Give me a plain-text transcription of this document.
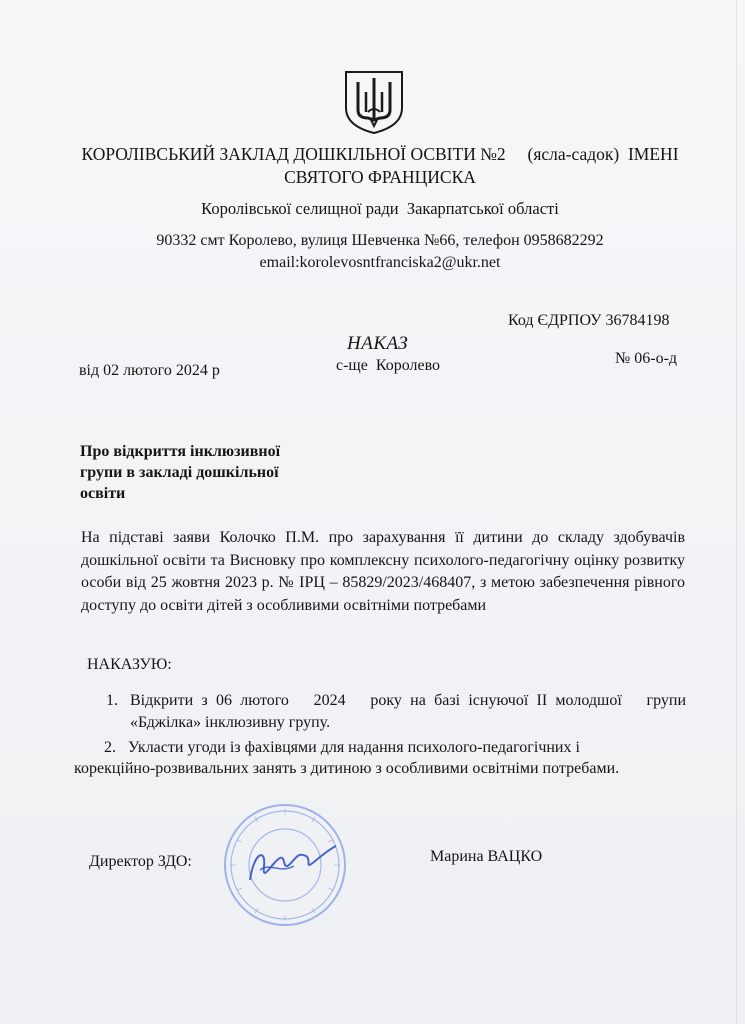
КОРОЛІВСЬКИЙ ЗАКЛАД ДОШКІЛЬНОЇ ОСВІТИ №2     (ясла-садок)  ІМЕНІ
СВЯТОГО ФРАНЦИСКА
Королівської селищної ради  Закарпатської області
90332 смт Королево, вулиця Шевченка №66, телефон 0958682292
email:korolevosntfranciska2@ukr.net
Код ЄДРПОУ 36784198
НАКАЗ
від 02 лютого 2024 р	с-ще  Королево	№ 06-о-д
Про відкриття інклюзивної групи в закладі дошкільної освіти
На підставі заяви Колочко П.М. про зарахування її дитини до складу здобувачів дошкільної освіти та Висновку про комплексну психолого-педагогічну оцінку розвитку особи від 25 жовтня 2023 р. № ІРЦ – 85829/2023/468407, з метою забезпечення рівного  доступу до освіти дітей з особливими освітніми потребами
НАКАЗУЮ:
1. Відкрити з 06 лютого   2024   року на базі існуючої ІІ молодшої   групи «Бджілка» інклюзивну групу.
2. Укласти угоди із фахівцями для надання психолого-педагогічних і
корекційно-розвивальних занять з дитиною з особливими освітніми потребами.
Директор ЗДО:	Марина ВАЦКО
